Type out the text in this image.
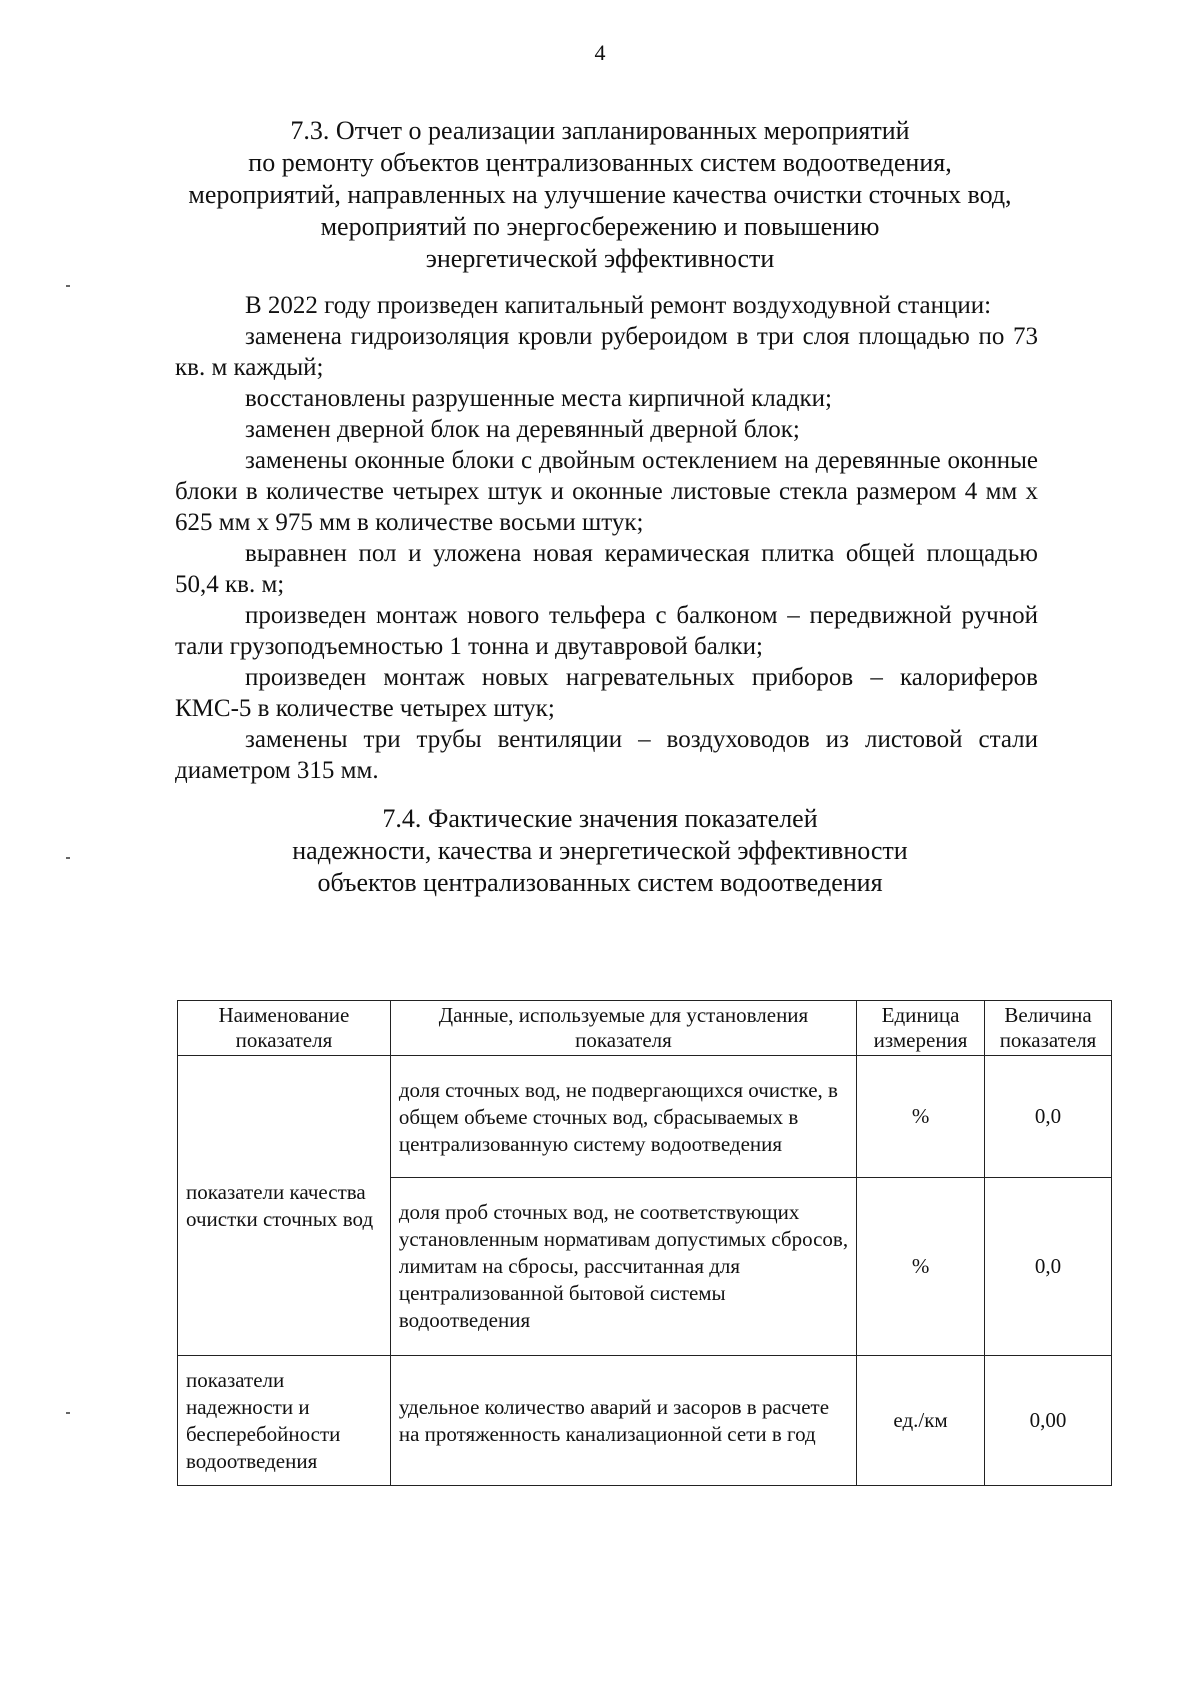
4
7.3. Отчет о реализации запланированных мероприятий
по ремонту объектов централизованных систем водоотведения,
мероприятий, направленных на улучшение качества очистки сточных вод,
мероприятий по энергосбережению и повышению
энергетической эффективности

В 2022 году произведен капитальный ремонт воздуходувной станции:

заменена гидроизоляция кровли рубероидом в три слоя площадью по 73 кв. м каждый;

восстановлены разрушенные места кирпичной кладки;

заменен дверной блок на деревянный дверной блок;

заменены оконные блоки с двойным остеклением на деревянные оконные блоки в количестве четырех штук и оконные листовые стекла размером 4 мм х 625 мм х 975 мм в количестве восьми штук;

выравнен пол и уложена новая керамическая плитка общей площадью 50,4 кв. м;

произведен монтаж нового тельфера с балконом – передвижной ручной тали грузоподъемностью 1 тонна и двутавровой балки;

произведен монтаж новых нагревательных приборов – калориферов КМС-5 в количестве четырех штук;

заменены три трубы вентиляции – воздуховодов из листовой стали диаметром 315 мм.

7.4. Фактические значения показателей
надежности, качества и энергетической эффективности
объектов централизованных систем водоотведения
Наименование показателя	Данные, используемые для установления показателя	Единица измерения	Величина показателя
показатели качества очистки сточных вод	доля сточных вод, не подвергающихся очистке, в общем объеме сточных вод, сбрасываемых в централизованную систему водоотведения	%	0,0
	доля проб сточных вод, не соответствующих установленным нормативам допустимых сбросов, лимитам на сбросы, рассчитанная для централизованной бытовой системы водоотведения	%	0,0
показатели надежности и бесперебойности водоотведения	удельное количество аварий и засоров в расчете на протяженность канализационной сети в год	ед./км	0,00
